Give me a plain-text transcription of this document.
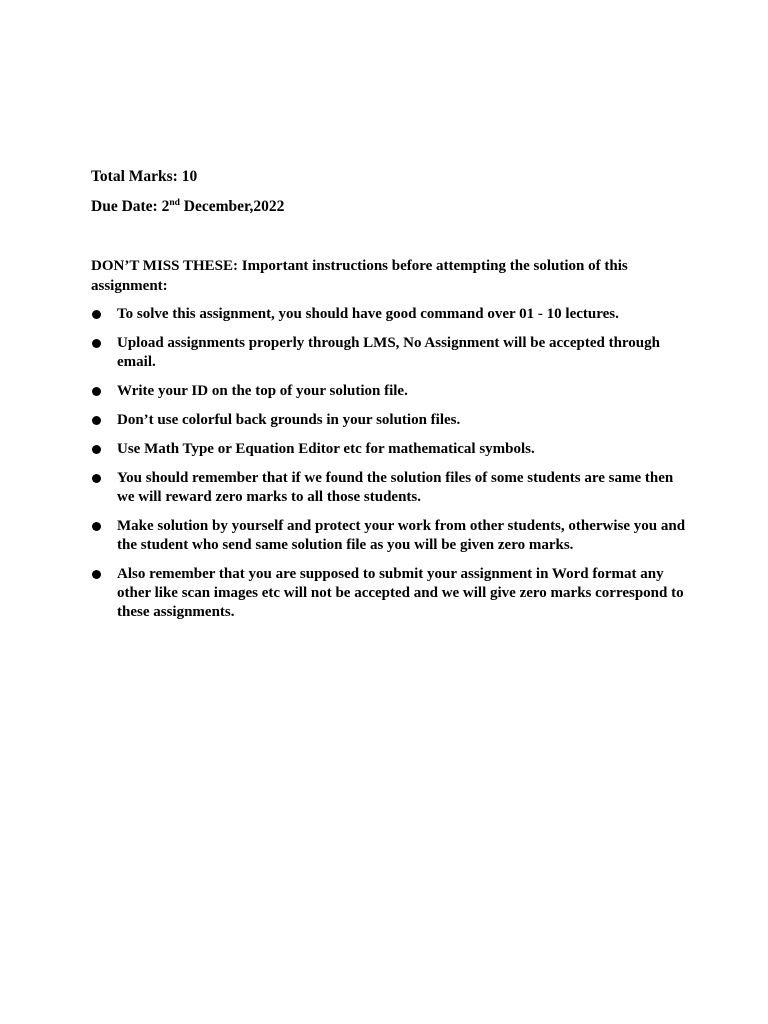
Total Marks: 10
Due Date: 2nd December,2022
DON’T MISS THESE: Important instructions before attempting the solution of this assignment:
To solve this assignment, you should have good command over 01 - 10 lectures.
Upload assignments properly through LMS, No Assignment will be accepted through email.
Write your ID on the top of your solution file.
Don’t use colorful back grounds in your solution files.
Use Math Type or Equation Editor etc for mathematical symbols.
You should remember that if we found the solution files of some students are same then we will reward zero marks to all those students.
Make solution by yourself and protect your work from other students, otherwise you and the student who send same solution file as you will be given zero marks.
Also remember that you are supposed to submit your assignment in Word format any other like scan images etc will not be accepted and we will give zero marks correspond to these assignments.
